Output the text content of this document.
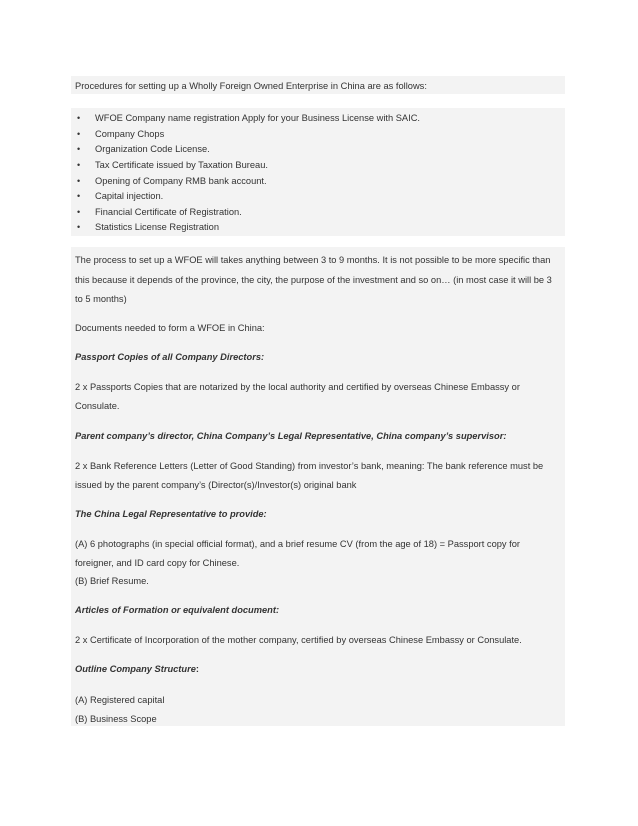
Procedures for setting up a Wholly Foreign Owned Enterprise in China are as follows:
• WFOE Company name registration Apply for your Business License with SAIC.
• Company Chops
• Organization Code License.
• Tax Certificate issued by Taxation Bureau.
• Opening of Company RMB bank account.
• Capital injection.
• Financial Certificate of Registration.
• Statistics License Registration
The process to set up a WFOE will takes anything between 3 to 9 months. It is not possible to be more specific than
this because it depends of the province, the city, the purpose of the investment and so on… (in most case it will be 3
to 5 months)
Documents needed to form a WFOE in China:
Passport Copies of all Company Directors:
2 x Passports Copies that are notarized by the local authority and certified by overseas Chinese Embassy or
Consulate.
Parent company’s director, China Company’s Legal Representative, China company’s supervisor:
2 x Bank Reference Letters (Letter of Good Standing) from investor’s bank, meaning: The bank reference must be
issued by the parent company’s (Director(s)/Investor(s) original bank
The China Legal Representative to provide:
(A) 6 photographs (in special official format), and a brief resume CV (from the age of 18) = Passport copy for
foreigner, and ID card copy for Chinese.
(B) Brief Resume.
Articles of Formation or equivalent document:
2 x Certificate of Incorporation of the mother company, certified by overseas Chinese Embassy or Consulate.
Outline Company Structure:
(A) Registered capital
(B) Business Scope
